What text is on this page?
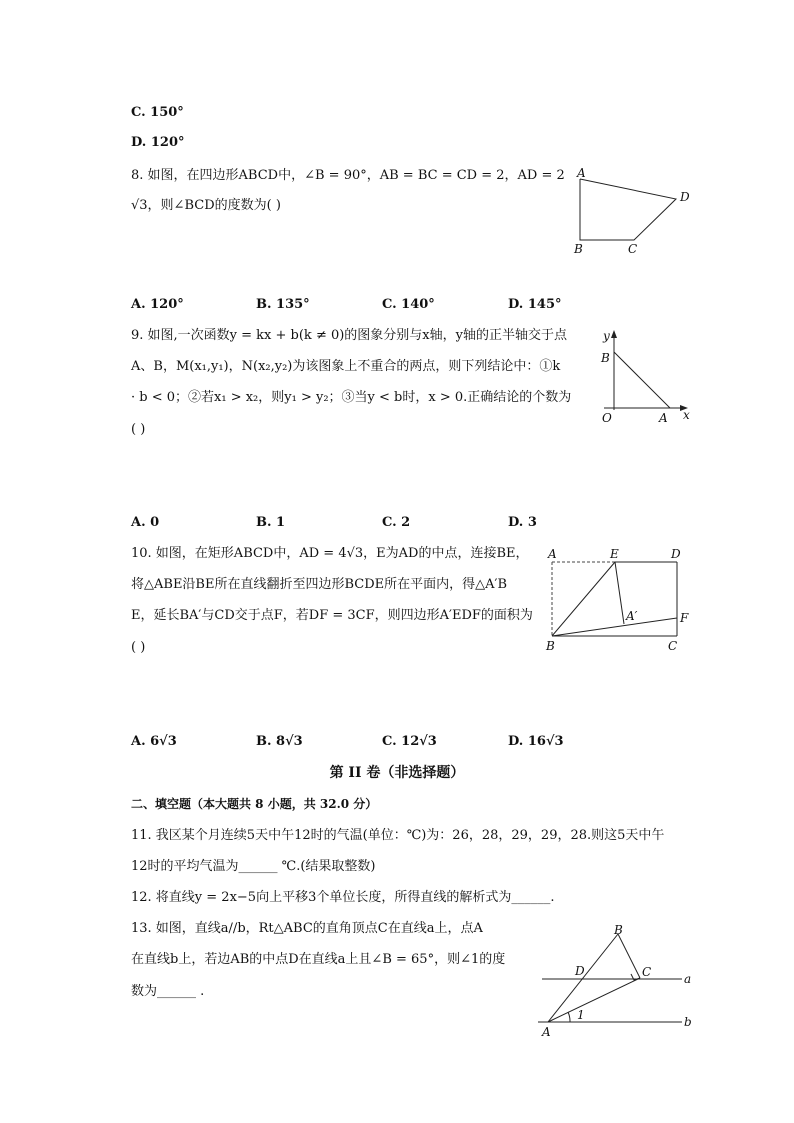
C. 150°
D. 120°
8. 如图，在四边形ABCD中，∠B = 90°，AB = BC = CD = 2，AD = 2
√3，则∠BCD的度数为( )
A
D
B	C
A. 120°	B. 135°	C. 140°	D. 145°
9. 如图,一次函数y = kx + b(k ≠ 0)的图象分别与x轴，y轴的正半轴交于点
A、B，M(x₁,y₁)，N(x₂,y₂)为该图象上不重合的两点，则下列结论中：①k
· b < 0；②若x₁ > x₂，则y₁ > y₂；③当y < b时，x > 0.正确结论的个数为
( )
y
B
O	A x
A. 0	B. 1	C. 2	D. 3
10. 如图，在矩形ABCD中，AD = 4√3，E为AD的中点，连接BE，
将△ABE沿BE所在直线翻折至四边形BCDE所在平面内，得△A′B
E，延长BA′与CD交于点F，若DF = 3CF，则四边形A′EDF的面积为
( )
A	E	D
A′	F
B	C
A. 6√3	B. 8√3	C. 12√3	D. 16√3
第 II 卷（非选择题）
二、填空题（本大题共 8 小题，共 32.0 分）
11. 我区某个月连续5天中午12时的气温(单位：℃)为：26，28，29，29，28.则这5天中午
12时的平均气温为______ ℃.(结果取整数)
12. 将直线y = 2x−5向上平移3个单位长度，所得直线的解析式为______.
13. 如图，直线a//b，Rt△ABC的直角顶点C在直线a上，点A
在直线b上，若边AB的中点D在直线a上且∠B = 65°，则∠1的度
数为______ .
B
D	C	a
1
A
b
